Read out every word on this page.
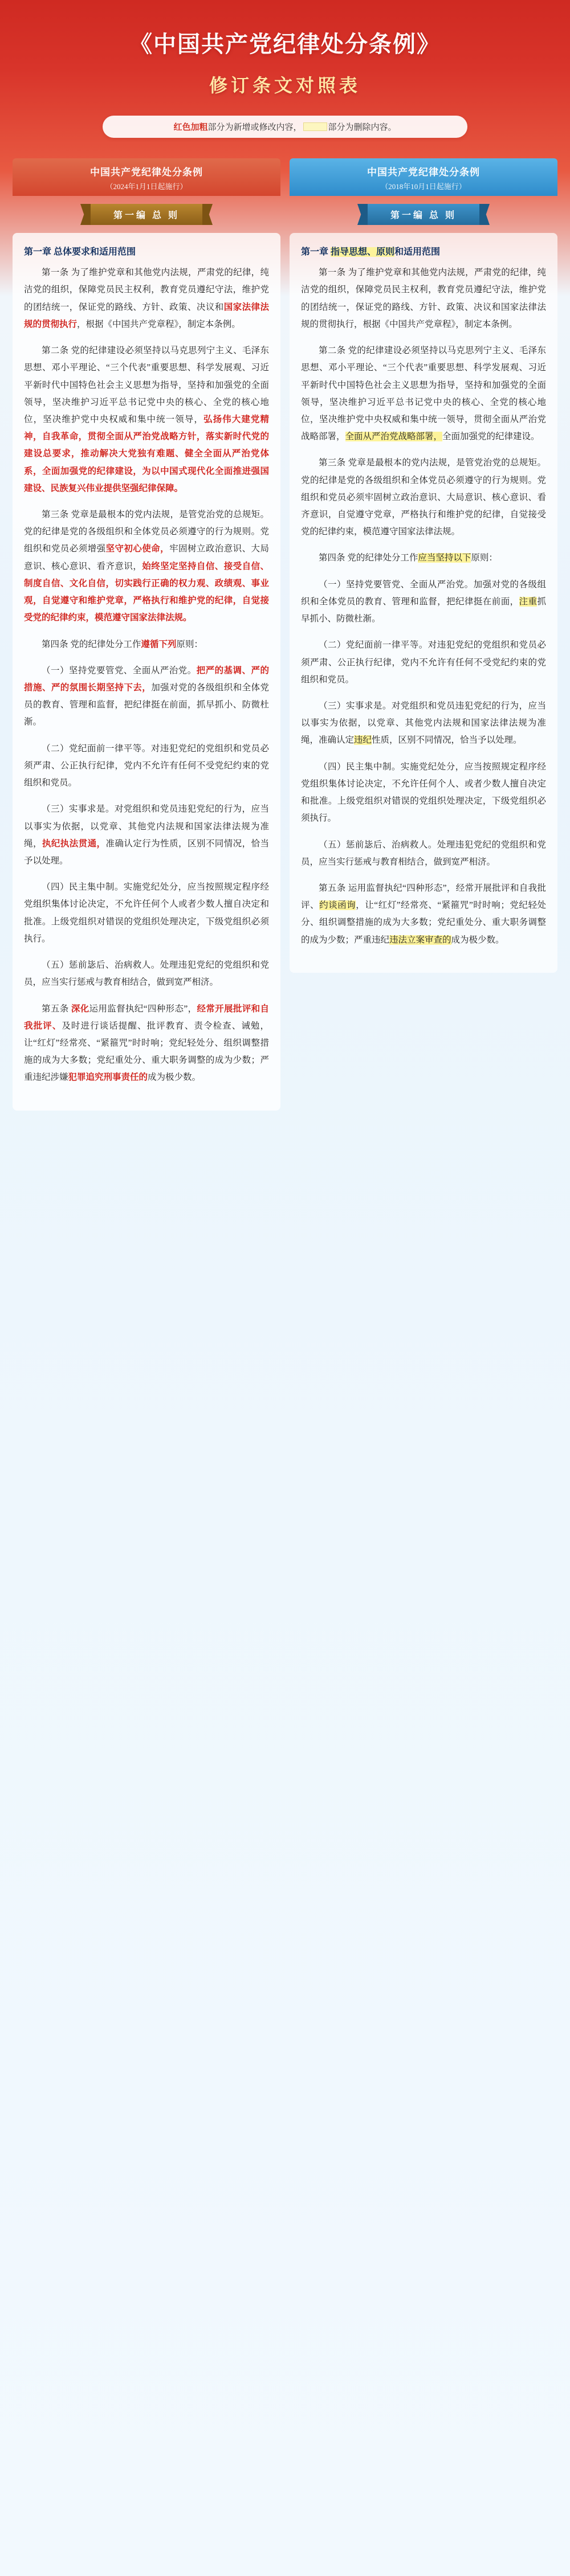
《中国共产党纪律处分条例》
修订条文对照表
红色加粗部分为新增或修改内容，	部分为删除内容。
中国共产党纪律处分条例
（2024年1月1日起施行）
第一编 总 则
第一章 总体要求和适用范围

第一条 为了维护党章和其他党内法规，严肃党的纪律，纯洁党的组织，保障党员民主权利，教育党员遵纪守法，维护党的团结统一，保证党的路线、方针、政策、决议和国家法律法规的贯彻执行，根据《中国共产党章程》，制定本条例。

第二条 党的纪律建设必须坚持以马克思列宁主义、毛泽东思想、邓小平理论、“三个代表”重要思想、科学发展观、习近平新时代中国特色社会主义思想为指导，坚持和加强党的全面领导，坚决维护习近平总书记党中央的核心、全党的核心地位，坚决维护党中央权威和集中统一领导，弘扬伟大建党精神，自我革命，贯彻全面从严治党战略方针，落实新时代党的建设总要求，推动解决大党独有难题、健全全面从严治党体系，全面加强党的纪律建设，为以中国式现代化全面推进强国建设、民族复兴伟业提供坚强纪律保障。

第三条 党章是最根本的党内法规，是管党治党的总规矩。党的纪律是党的各级组织和全体党员必须遵守的行为规则。党组织和党员必须增强坚守初心使命，牢固树立政治意识、大局意识、核心意识、看齐意识，始终坚定坚持自信、接受自信、制度自信、文化自信，切实践行正确的权力观、政绩观、事业观，自觉遵守和维护党章，严格执行和维护党的纪律，自觉接受党的纪律约束，模范遵守国家法律法规。

第四条 党的纪律处分工作遵循下列原则：

（一）坚持党要管党、全面从严治党。把严的基调、严的措施、严的氛围长期坚持下去，加强对党的各级组织和全体党员的教育、管理和监督，把纪律挺在前面，抓早抓小、防微杜渐。

（二）党纪面前一律平等。对违犯党纪的党组织和党员必须严肃、公正执行纪律，党内不允许有任何不受党纪约束的党组织和党员。

（三）实事求是。对党组织和党员违犯党纪的行为，应当以事实为依据，以党章、其他党内法规和国家法律法规为准绳，执纪执法贯通，准确认定行为性质，区别不同情况，恰当予以处理。

（四）民主集中制。实施党纪处分，应当按照规定程序经党组织集体讨论决定，不允许任何个人或者少数人擅自决定和批准。上级党组织对错误的党组织处理决定，下级党组织必须执行。

（五）惩前毖后、治病救人。处理违犯党纪的党组织和党员，应当实行惩戒与教育相结合，做到宽严相济。

第五条 深化运用监督执纪“四种形态”，经常开展批评和自我批评、及时进行谈话提醒、批评教育、责令检查、诫勉，让“红灯”经常亮、“紧箍咒”时时响；党纪轻处分、组织调整措施的成为大多数；党纪重处分、重大职务调整的成为少数；严重违纪涉嫌犯罪追究刑事责任的成为极少数。

中国共产党纪律处分条例
（2018年10月1日起施行）
第一编 总 则
第一章 指导思想、原则和适用范围

第一条 为了维护党章和其他党内法规，严肃党的纪律，纯洁党的组织，保障党员民主权利，教育党员遵纪守法，维护党的团结统一，保证党的路线、方针、政策、决议和国家法律法规的贯彻执行，根据《中国共产党章程》，制定本条例。

第二条 党的纪律建设必须坚持以马克思列宁主义、毛泽东思想、邓小平理论、“三个代表”重要思想、科学发展观、习近平新时代中国特色社会主义思想为指导，坚持和加强党的全面领导，坚决维护习近平总书记党中央的核心、全党的核心地位，坚决维护党中央权威和集中统一领导，贯彻全面从严治党战略部署，全面从严治党战略部署，全面加强党的纪律建设。

第三条 党章是最根本的党内法规，是管党治党的总规矩。党的纪律是党的各级组织和全体党员必须遵守的行为规则。党组织和党员必须牢固树立政治意识、大局意识、核心意识、看齐意识，自觉遵守党章，严格执行和维护党的纪律，自觉接受党的纪律约束，模范遵守国家法律法规。

第四条 党的纪律处分工作应当坚持以下原则：

（一）坚持党要管党、全面从严治党。加强对党的各级组织和全体党员的教育、管理和监督，把纪律挺在前面，注重抓早抓小、防微杜渐。

（二）党纪面前一律平等。对违犯党纪的党组织和党员必须严肃、公正执行纪律，党内不允许有任何不受党纪约束的党组织和党员。

（三）实事求是。对党组织和党员违犯党纪的行为，应当以事实为依据，以党章、其他党内法规和国家法律法规为准绳，准确认定违纪性质，区别不同情况，恰当予以处理。

（四）民主集中制。实施党纪处分，应当按照规定程序经党组织集体讨论决定，不允许任何个人、或者少数人擅自决定和批准。上级党组织对错误的党组织处理决定，下级党组织必须执行。

（五）惩前毖后、治病救人。处理违犯党纪的党组织和党员，应当实行惩戒与教育相结合，做到宽严相济。

第五条 运用监督执纪“四种形态”，经常开展批评和自我批评、约谈函询，让“红灯”经常亮、“紧箍咒”时时响；党纪轻处分、组织调整措施的成为大多数；党纪重处分、重大职务调整的成为少数；严重违纪违法立案审查的成为极少数。
